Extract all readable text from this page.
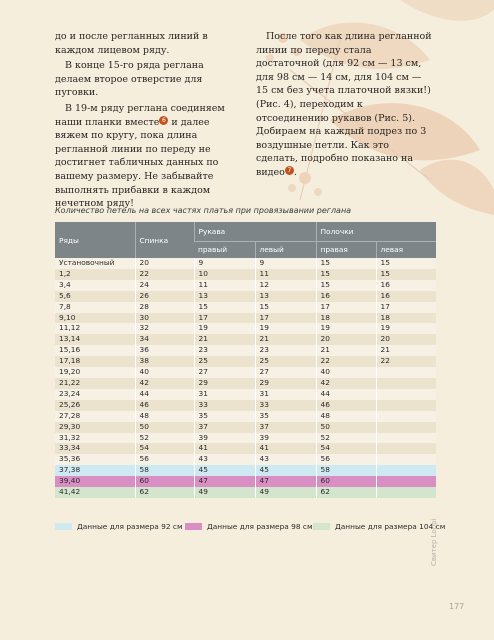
до и после регланных линий в каждом лицевом ряду.

В конце 15-го ряда реглана делаем второе отверстие для пуговки.

В 19-м ряду реглана соединяем наши планки вместе 6 и далее вяжем по кругу, пока длина регланной линии по переду не достигнет табличных данных по вашему размеру. Не забывайте выполнять прибавки в каждом нечетном ряду!

После того как длина регланной линии по переду стала достаточной (для 92 см — 13 см, для 98 см — 14 см, для 104 см — 15 см без учета платочной вязки!) (Рис. 4), переходим к отсоединению рукавов (Рис. 5). Добираем на каждый подрез по 3 воздушные петли. Как это сделать, подробно показано на видео 7 .

Количество петель на всех частях платья при провязывании реглана
Ряды	Спинка	Рукава		Полочки	
		правый	левый	правая	левая
Установочный	20	9	9	15	15
1,2	22	10	11	15	15
3,4	24	11	12	15	16
5,6	26	13	13	16	16
7,8	28	15	15	17	17
9,10	30	17	17	18	18
11,12	32	19	19	19	19
13,14	34	21	21	20	20
15,16	36	23	23	21	21
17,18	38	25	25	22	22
19,20	40	27	27	40	
21,22	42	29	29	42	
23,24	44	31	31	44	
25,26	46	33	33	46	
27,28	48	35	35	48	
29,30	50	37	37	50	
31,32	52	39	39	52	
33,34	54	41	41	54	
35,36	56	43	43	56	
37,38	58	45	45	58	
39,40	60	47	47	60	
41,42	62	49	49	62	
Данные для размера 92 см	Данные для размера 98 см	Данные для размера 104 см
Свитер Loppi
177
